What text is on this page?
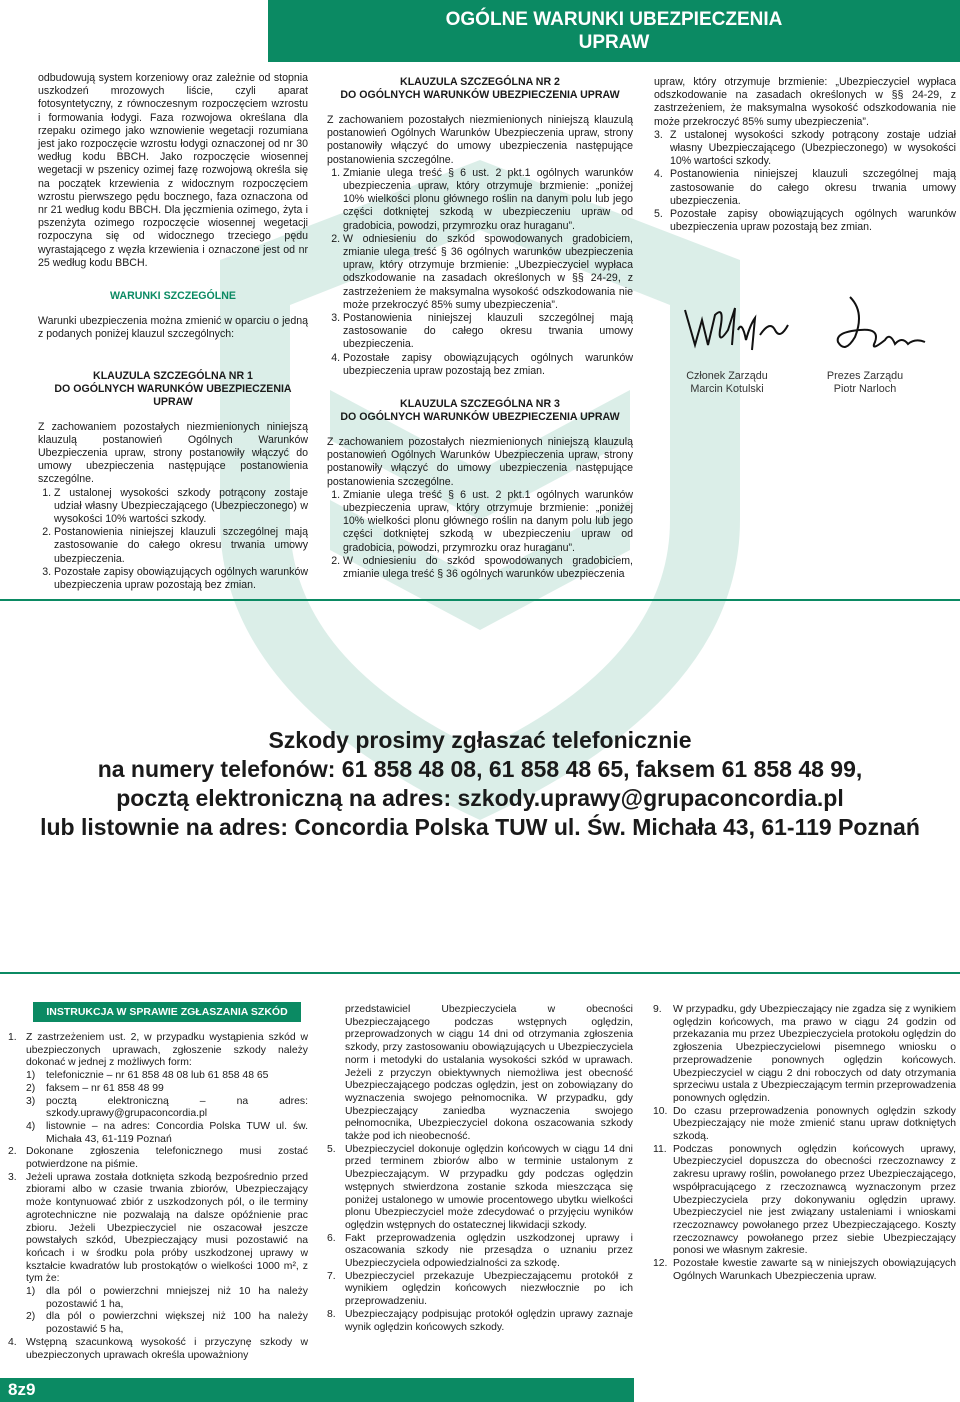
OGÓLNE WARUNKI UBEZPIECZENIA
UPRAW

odbudowują system korzeniowy oraz zależnie od stopnia uszkodzeń mrozowych liście, czyli aparat fotosyntetyczny, z równoczesnym rozpoczęciem wzrostu i formowania łodygi. Faza rozwojowa określana dla rzepaku ozimego jako wznowienie wegetacji rozumiana jest jako rozpoczęcie wzrostu łodygi oznaczonej od nr 30 według kodu BBCH. Jako rozpoczęcie wiosennej wegetacji w pszenicy ozimej fazę rozwojową określa się na początek krzewienia z widocznym rozpoczęciem wzrostu pierwszego pędu bocznego, faza oznaczona od nr 21 według kodu BBCH. Dla jęczmienia ozimego, żyta i pszenżyta ozimego rozpoczęcie wiosennej wegetacji rozpoczyna się od widocznego trzeciego pędu wyrastającego z węzła krzewienia i oznaczone jest od nr 25 według kodu BBCH.

WARUNKI SZCZEGÓLNE

Warunki ubezpieczenia można zmienić w oparciu o jedną z podanych poniżej klauzul szczególnych:

KLAUZULA SZCZEGÓLNA NR 1

DO OGÓLNYCH WARUNKÓW UBEZPIECZENIA UPRAW

Z zachowaniem pozostałych niezmienionych niniejszą klauzulą postanowień Ogólnych Warunków Ubezpieczenia upraw, strony postanowiły włączyć do umowy ubezpieczenia następujące postanowienia szczególne.

1. Z ustalonej wysokości szkody potrącony zostaje udział własny Ubezpieczającego (Ubezpieczonego) w wysokości 10% wartości szkody.
2. Postanowienia niniejszej klauzuli szczególnej mają zastosowanie do całego okresu trwania umowy ubezpieczenia.
3. Pozostałe zapisy obowiązujących ogólnych warunków ubezpieczenia upraw pozostają bez zmian.

KLAUZULA SZCZEGÓLNA NR 2

DO OGÓLNYCH WARUNKÓW UBEZPIECZENIA UPRAW

Z zachowaniem pozostałych niezmienionych niniejszą klauzulą postanowień Ogólnych Warunków Ubezpieczenia upraw, strony postanowiły włączyć do umowy ubezpieczenia następujące postanowienia szczególne.

1. Zmianie ulega treść § 6 ust. 2 pkt.1 ogólnych warunków ubezpieczenia upraw, który otrzymuje brzmienie: „poniżej 10% wielkości plonu głównego roślin na danym polu lub jego części dotkniętej szkodą w ubezpieczeniu upraw od gradobicia, powodzi, przymrozku oraz huraganu”.
2. W odniesieniu do szkód spowodowanych gradobiciem, zmianie ulega treść § 36 ogólnych warunków ubezpieczenia upraw, który otrzymuje brzmienie: „Ubezpieczyciel wypłaca odszkodowanie na zasadach określonych w §§ 24-29, z zastrzeżeniem że maksymalna wysokość odszkodowania nie może przekroczyć 85% sumy ubezpieczenia”.
3. Postanowienia niniejszej klauzuli szczególnej mają zastosowanie do całego okresu trwania umowy ubezpieczenia.
4. Pozostałe zapisy obowiązujących ogólnych warunków ubezpieczenia upraw pozostają bez zmian.

KLAUZULA SZCZEGÓLNA NR 3

DO OGÓLNYCH WARUNKÓW UBEZPIECZENIA UPRAW

Z zachowaniem pozostałych niezmienionych niniejszą klauzulą postanowień Ogólnych Warunków Ubezpieczenia upraw, strony postanowiły włączyć do umowy ubezpieczenia następujące postanowienia szczególne.

1. Zmianie ulega treść § 6 ust. 2 pkt.1 ogólnych warunków ubezpieczenia upraw, który otrzymuje brzmienie: „poniżej 10% wielkości plonu głównego roślin na danym polu lub jego części dotkniętej szkodą w ubezpieczeniu upraw od gradobicia, powodzi, przymrozku oraz huraganu”.
2. W odniesieniu do szkód spowodowanych gradobiciem, zmianie ulega treść § 36 ogólnych warunków ubezpieczenia

upraw, który otrzymuje brzmienie: „Ubezpieczyciel wypłaca odszkodowanie na zasadach określonych w §§ 24-29, z zastrzeżeniem, że maksymalna wysokość odszkodowania nie może przekroczyć 85% sumy ubezpieczenia”.

3. Z ustalonej wysokości szkody potrącony zostaje udział własny Ubezpieczającego (Ubezpieczonego) w wysokości 10% wartości szkody.
4. Postanowienia niniejszej klauzuli szczególnej mają zastosowanie do całego okresu trwania umowy ubezpieczenia.
5. Pozostałe zapisy obowiązujących ogólnych warunków ubezpieczenia upraw pozostają bez zmian.
Członek Zarządu
Marcin Kotulski
Prezes Zarządu
Piotr Narloch
Szkody prosimy zgłaszać telefonicznie
na numery telefonów: 61 858 48 08, 61 858 48 65, faksem 61 858 48 99,
pocztą elektroniczną na adres: szkody.uprawy@grupaconcordia.pl
lub listownie na adres: Concordia Polska TUW ul. Św. Michała 43, 61-119 Poznań
INSTRUKCJA W SPRAWIE ZGŁASZANIA SZKÓD
1. Z zastrzeżeniem ust. 2, w przypadku wystąpienia szkód w ubezpieczonych uprawach, zgłoszenie szkody należy dokonać w jednej z możliwych form:
1)	telefonicznie – nr 61 858 48 08 lub 61 858 48 65
2)	faksem – nr 61 858 48 99
3)	pocztą elektroniczną – na adres: szkody.uprawy@grupaconcordia.pl
4)	listownie – na adres: Concordia Polska TUW ul. św. Michała 43, 61-119 Poznań
2. Dokonane zgłoszenia telefonicznego musi zostać potwierdzone na piśmie.
3. Jeżeli uprawa została dotknięta szkodą bezpośrednio przed zbiorami albo w czasie trwania zbiorów, Ubezpieczający może kontynuować zbiór z uszkodzonych pól, o ile terminy agrotechniczne nie pozwalają na dalsze opóźnienie prac zbioru. Jeżeli Ubezpieczyciel nie oszacował jeszcze powstałych szkód, Ubezpieczający musi pozostawić na końcach i w środku pola próby uszkodzonej uprawy w kształcie kwadratów lub prostokątów o wielkości 1000 m², z tym że:
1)	dla pól o powierzchni mniejszej niż 10 ha należy pozostawić 1 ha,
2)	dla pól o powierzchni większej niż 100 ha należy pozostawić 5 ha,
4. Wstępną szacunkową wysokość i przyczynę szkody w ubezpieczonych uprawach określa upoważniony

przedstawiciel Ubezpieczyciela w obecności Ubezpieczającego podczas wstępnych oględzin, przeprowadzonych w ciągu 14 dni od otrzymania zgłoszenia szkody, przy zastosowaniu obowiązujących u Ubezpieczyciela norm i metodyki do ustalania wysokości szkód w uprawach. Jeżeli z przyczyn obiektywnych niemożliwa jest obecność Ubezpieczającego podczas oględzin, jest on zobowiązany do wyznaczenia swojego pełnomocnika. W przypadku, gdy Ubezpieczający zaniedba wyznaczenia swojego pełnomocnika, Ubezpieczyciel dokona oszacowania szkody także pod ich nieobecność.

5. Ubezpieczyciel dokonuje oględzin końcowych w ciągu 14 dni przed terminem zbiorów albo w terminie ustalonym z Ubezpieczającym. W przypadku gdy podczas oględzin wstępnych stwierdzona zostanie szkoda mieszcząca się poniżej ustalonego w umowie procentowego ubytku wielkości plonu Ubezpieczyciel może zdecydować o przyjęciu wyników oględzin wstępnych do ostatecznej likwidacji szkody.
6. Fakt przeprowadzenia oględzin uszkodzonej uprawy i oszacowania szkody nie przesądza o uznaniu przez Ubezpieczyciela odpowiedzialności za szkodę.
7. Ubezpieczyciel przekazuje Ubezpieczającemu protokół z wynikiem oględzin końcowych niezwłocznie po ich przeprowadzeniu.
8. Ubezpieczający podpisując protokół oględzin uprawy zaznaje wynik oględzin końcowych szkody.
9.	W przypadku, gdy Ubezpieczający nie zgadza się z wynikiem oględzin końcowych, ma prawo w ciągu 24 godzin od przekazania mu przez Ubezpieczyciela protokołu oględzin do zgłoszenia Ubezpieczycielowi pisemnego wniosku o przeprowadzenie ponownych oględzin końcowych. Ubezpieczyciel w ciągu 2 dni roboczych od daty otrzymania sprzeciwu ustala z Ubezpieczającym termin przeprowadzenia ponownych oględzin.
10. Do czasu przeprowadzenia ponownych oględzin szkody Ubezpieczający nie może zmienić stanu upraw dotkniętych szkodą.
11. Podczas ponownych oględzin końcowych uprawy, Ubezpieczyciel dopuszcza do obecności rzeczoznawcy z zakresu uprawy roślin, powołanego przez Ubezpieczającego, współpracującego z rzeczoznawcą wyznaczonym przez Ubezpieczyciela przy dokonywaniu oględzin uprawy. Ubezpieczyciel nie jest związany ustaleniami i wnioskami rzeczoznawcy powołanego przez Ubezpieczającego. Koszty rzeczoznawcy powołanego przez siebie Ubezpieczający ponosi we własnym zakresie.
12. Pozostałe kwestie zawarte są w niniejszych obowiązujących Ogólnych Warunkach Ubezpieczenia upraw.
8z9
